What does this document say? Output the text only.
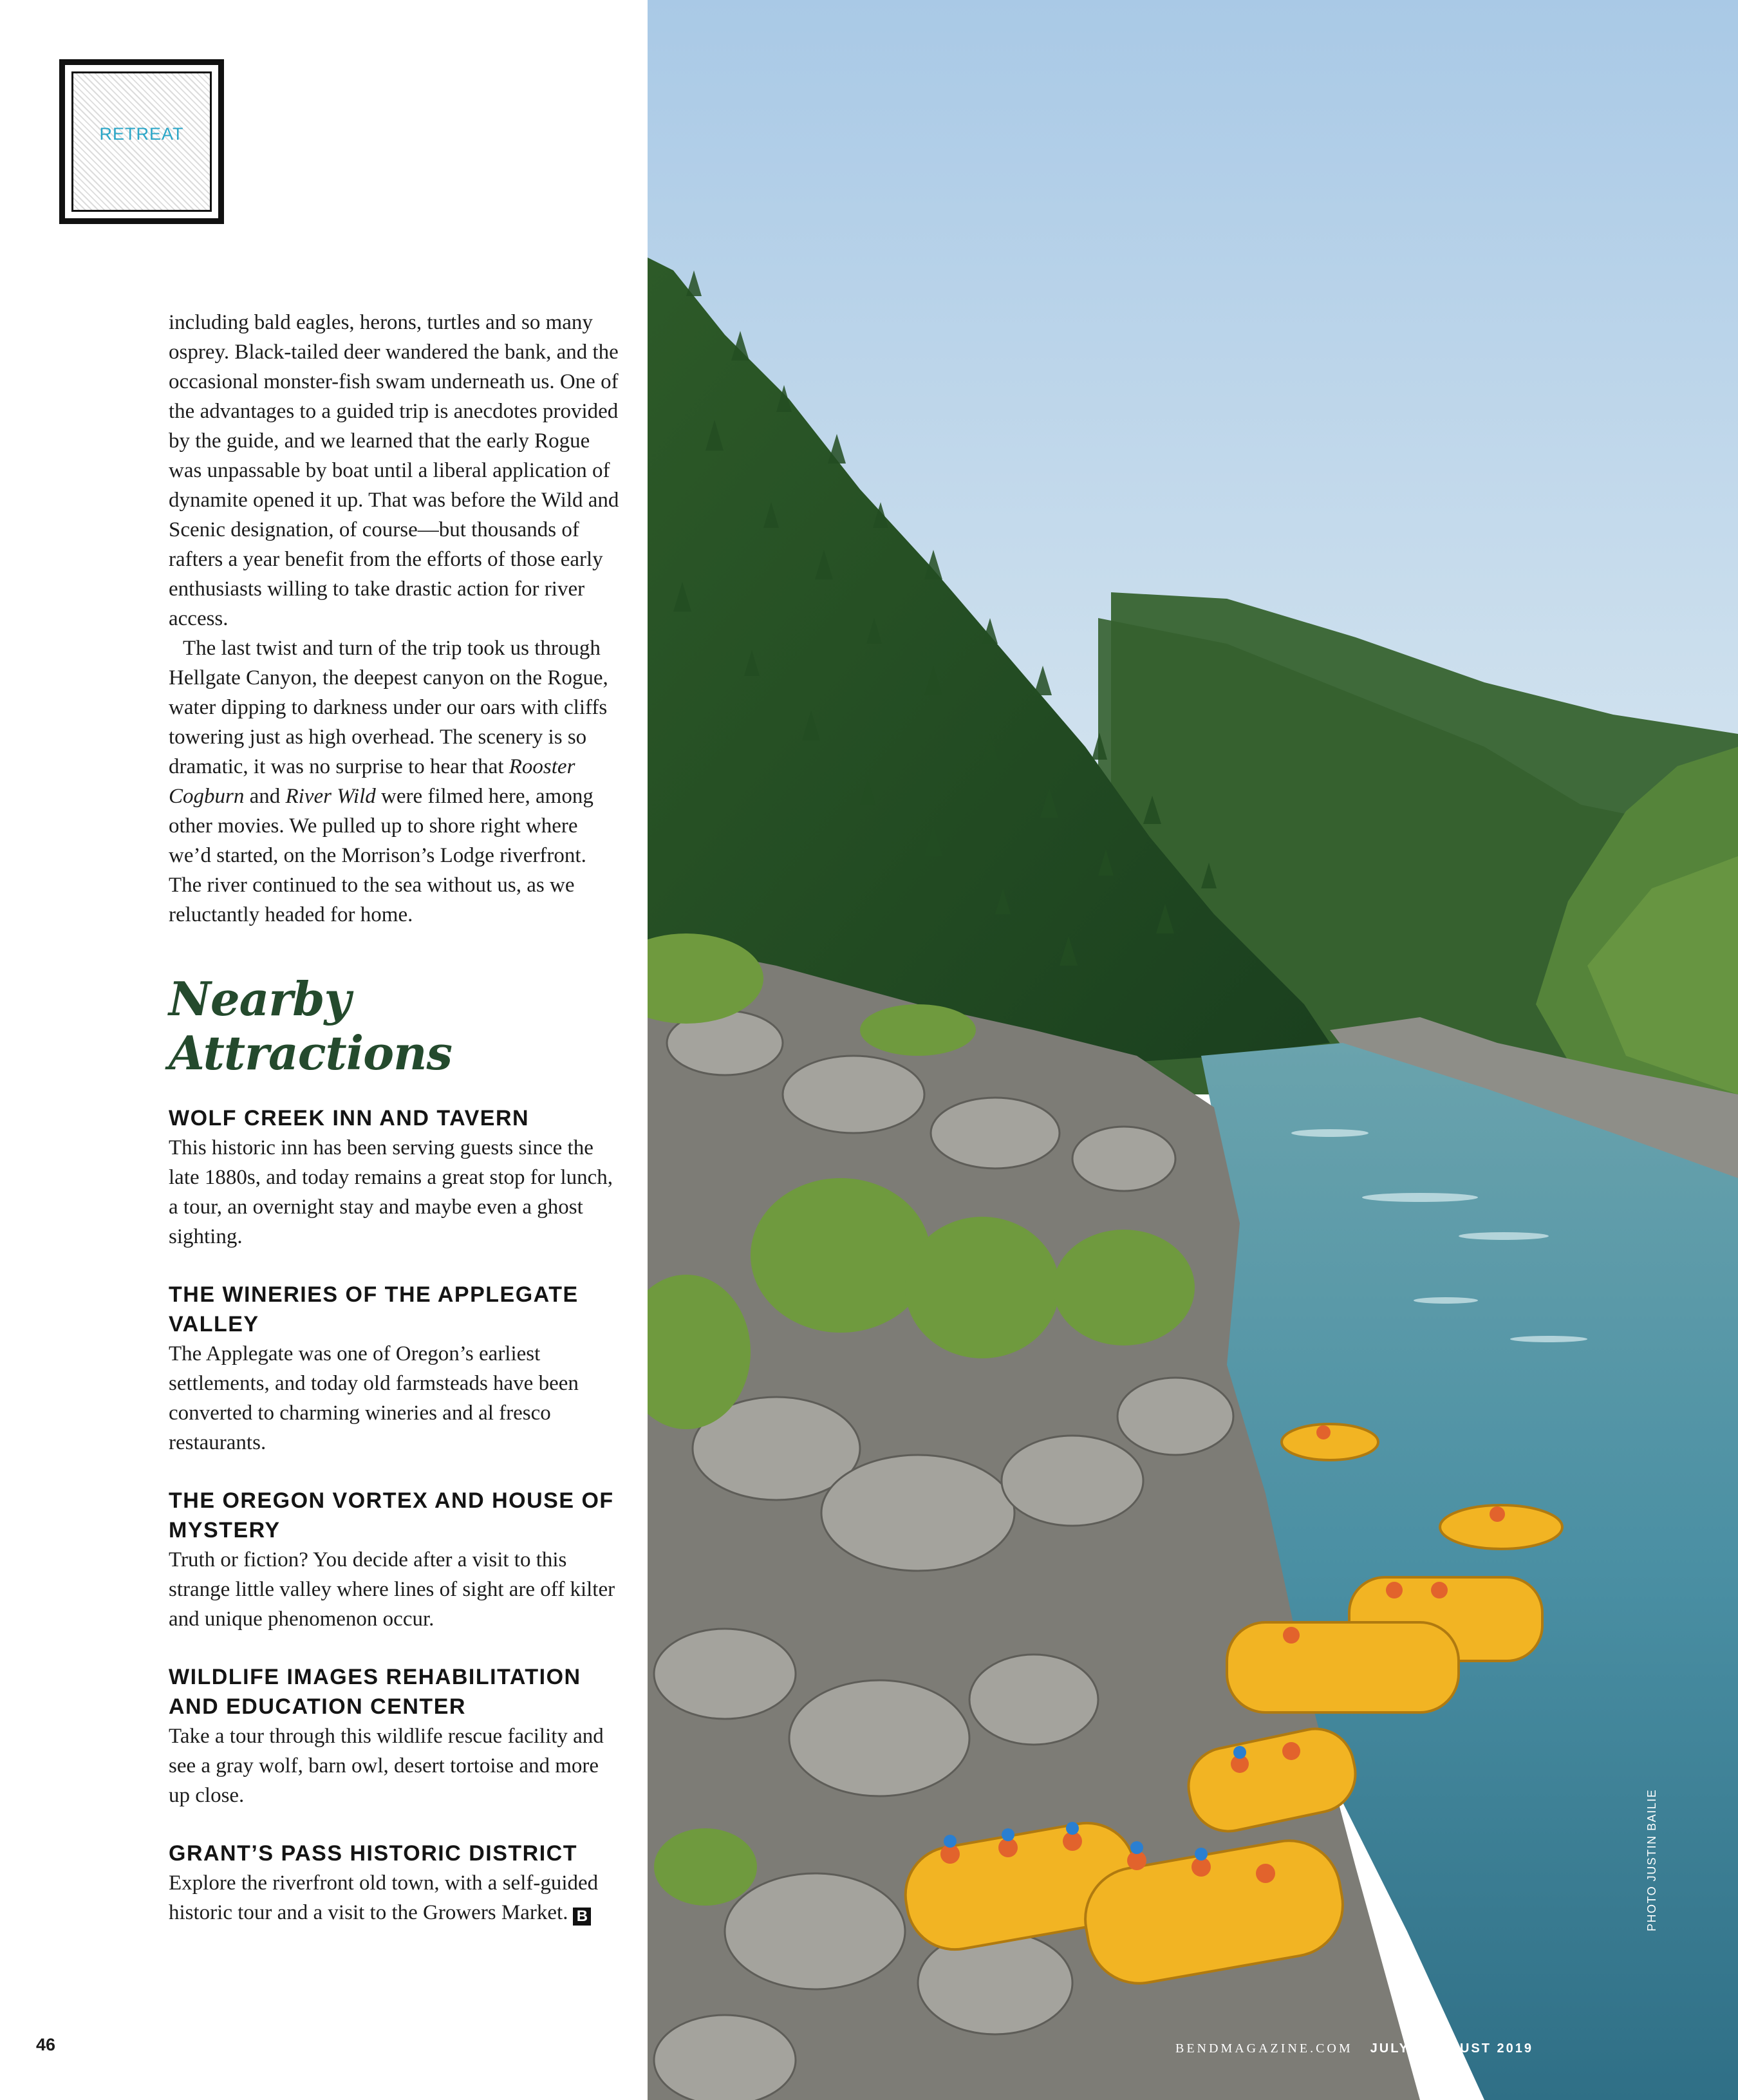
RETREAT

including bald eagles, herons, turtles and so many osprey. Black-tailed deer wandered the bank, and the occasional monster-fish swam underneath us. One of the advantages to a guided trip is anecdotes provided by the guide, and we learned that the early Rogue was unpassable by boat until a liberal application of dynamite opened it up. That was before the Wild and Scenic designation, of course—but thousands of rafters a year benefit from the efforts of those early enthusiasts willing to take drastic action for river access.

The last twist and turn of the trip took us through Hellgate Canyon, the deepest canyon on the Rogue, water dipping to darkness under our oars with cliffs towering just as high overhead. The scenery is so dramatic, it was no surprise to hear that Rooster Cogburn and River Wild were filmed here, among other movies. We pulled up to shore right where we’d started, on the Morrison’s Lodge riverfront. The river continued to the sea without us, as we reluctantly headed for home.

Nearby Attractions
WOLF CREEK INN AND TAVERN

This historic inn has been serving guests since the late 1880s, and today remains a great stop for lunch, a tour, an overnight stay and maybe even a ghost sighting.

THE WINERIES OF THE APPLEGATE VALLEY

The Applegate was one of Oregon’s earliest settlements, and today old farmsteads have been converted to charming wineries and al fresco restaurants.

THE OREGON VORTEX AND HOUSE OF MYSTERY

Truth or fiction? You decide after a visit to this strange little valley where lines of sight are off kilter and unique phenomenon occur.

WILDLIFE IMAGES REHABILITATION AND EDUCATION CENTER

Take a tour through this wildlife rescue facility and see a gray wolf, barn owl, desert tortoise and more up close.

GRANT’S PASS HISTORIC DISTRICT

Explore the riverfront old town, with a self-guided historic tour and a visit to the Growers Market. B	PHOTO JUSTIN BAILIE
46	BENDMAGAZINE.COM JULY \ AUGUST 2019
